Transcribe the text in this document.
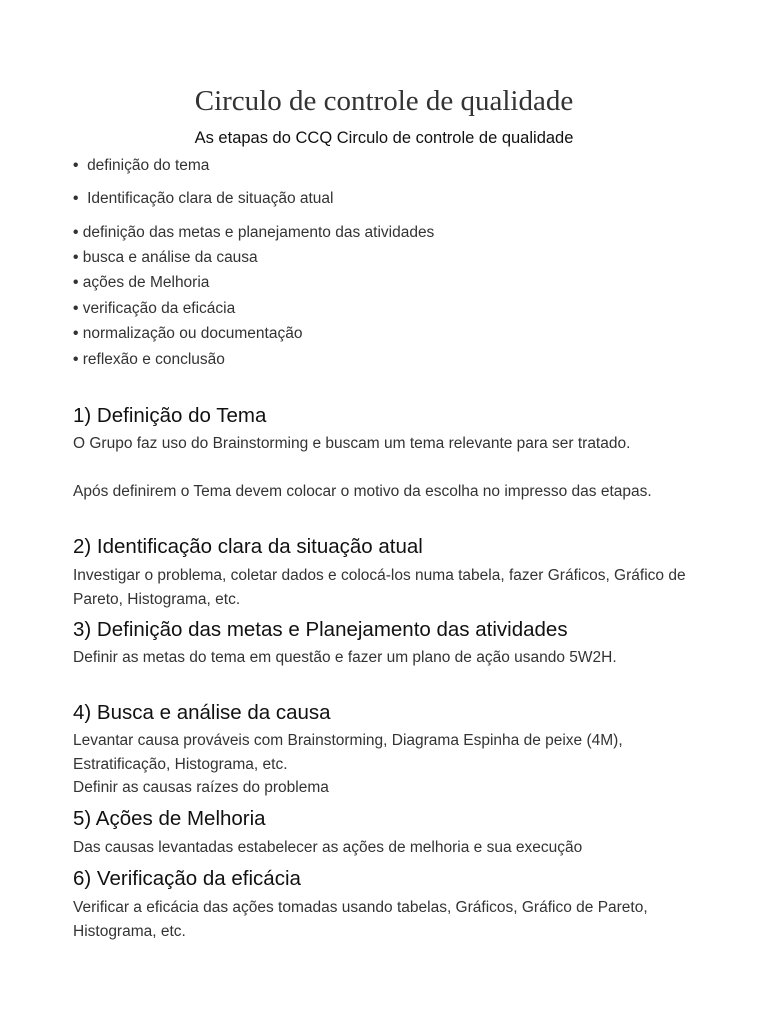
Circulo de controle de qualidade

As etapas do CCQ Circulo de controle de qualidade

• definição do tema
• Identificação clara de situação atual
• definição das metas e planejamento das atividades
• busca e análise da causa
• ações de Melhoria
• verificação da eficácia
• normalização ou documentação
• reflexão e conclusão
1) Definição do Tema

O Grupo faz uso do Brainstorming e buscam um tema relevante para ser tratado.

Após definirem o Tema devem colocar o motivo da escolha no impresso das etapas.

2) Identificação clara da situação atual

Investigar o problema, coletar dados e colocá-los numa tabela, fazer Gráficos, Gráfico de Pareto, Histograma, etc.

3) Definição das metas e Planejamento das atividades

Definir as metas do tema em questão e fazer um plano de ação usando 5W2H.

4) Busca e análise da causa

Levantar causa prováveis com Brainstorming, Diagrama Espinha de peixe (4M), Estratificação, Histograma, etc.

Definir as causas raízes do problema

5) Ações de Melhoria

Das causas levantadas estabelecer as ações de melhoria e sua execução

6) Verificação da eficácia

Verificar a eficácia das ações tomadas usando tabelas, Gráficos, Gráfico de Pareto, Histograma, etc.
